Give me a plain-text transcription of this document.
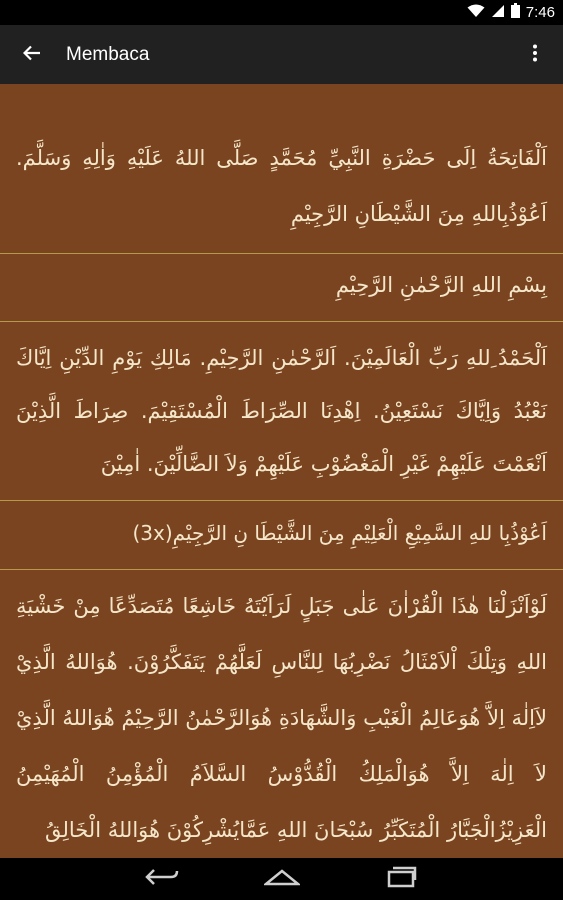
7:46
Membaca
اَلْفَاتِحَةُ اِلَى حَضْرَةِ النَّبِيِّ مُحَمَّدٍ صَلَّى اللهُ عَلَيْهِ وَاٰلِهِ وَسَلَّمَ. اَعُوْذُبِاللهِ مِنَ الشَّيْطَانِ الرَّجِيْمِ
بِسْمِ اللهِ الرَّحْمٰنِ الرَّحِيْمِ
اَلْحَمْدُ ِللهِ رَبِّ الْعَالَمِيْنَ. اَلرَّحْمٰنِ الرَّحِيْمِ. مَالِكِ يَوْمِ الدِّيْنِ اِيَّاكَ نَعْبُدُ وَاِيَّاكَ نَسْتَعِيْنُ. اِهْدِنَا الصِّرَاطَ الْمُسْتَقِيْمَ. صِرَاطَ الَّذِيْنَ اَنْعَمْتَ عَلَيْهِمْ غَيْرِ الْمَغْضُوْبِ عَلَيْهِمْ وَلاَ الضَّالِّيْنَ. اٰمِيْنَ
اَعُوْذُبِا للهِ السَّمِيْعِ الْعَلِيْمِ مِنَ الشَّيْطَا نِ الرَّجِيْمِ(3x)
لَوْاَنْزَلْنَا هٰذَا الْقُرْاٰنَ عَلٰى جَبَلٍ لَرَاَيْتَهُ خَاشِعًا مُتَصَدِّعًا مِنْ خَشْيَةِ اللهِ وَتِلْكَ اْلاَمْثَالُ نَضْرِبُهَا لِلنَّاسِ لَعَلَّهُمْ يَتَفَكَّرُوْنَ. هُوَاللهُ الَّذِيْ لاَاِلٰهَ اِلاَّ هُوَعَالِمُ الْغَيْبِ وَالشَّهَادَةِ هُوَالرَّحْمٰنُ الرَّحِيْمُ هُوَاللهُ الَّذِيْ لاَ اِلٰهَ اِلاَّ هُوَالْمَلِكُ الْقُدُّوْسُ السَّلاَمُ الْمُؤْمِنُ الْمُهَيْمِنُ الْعَزِيْزُالْجَبَّارُ الْمُتَكَبِّرُ سُبْحَانَ اللهِ عَمَّايُشْرِكُوْنَ هُوَاللهُ الْخَالِقُ
